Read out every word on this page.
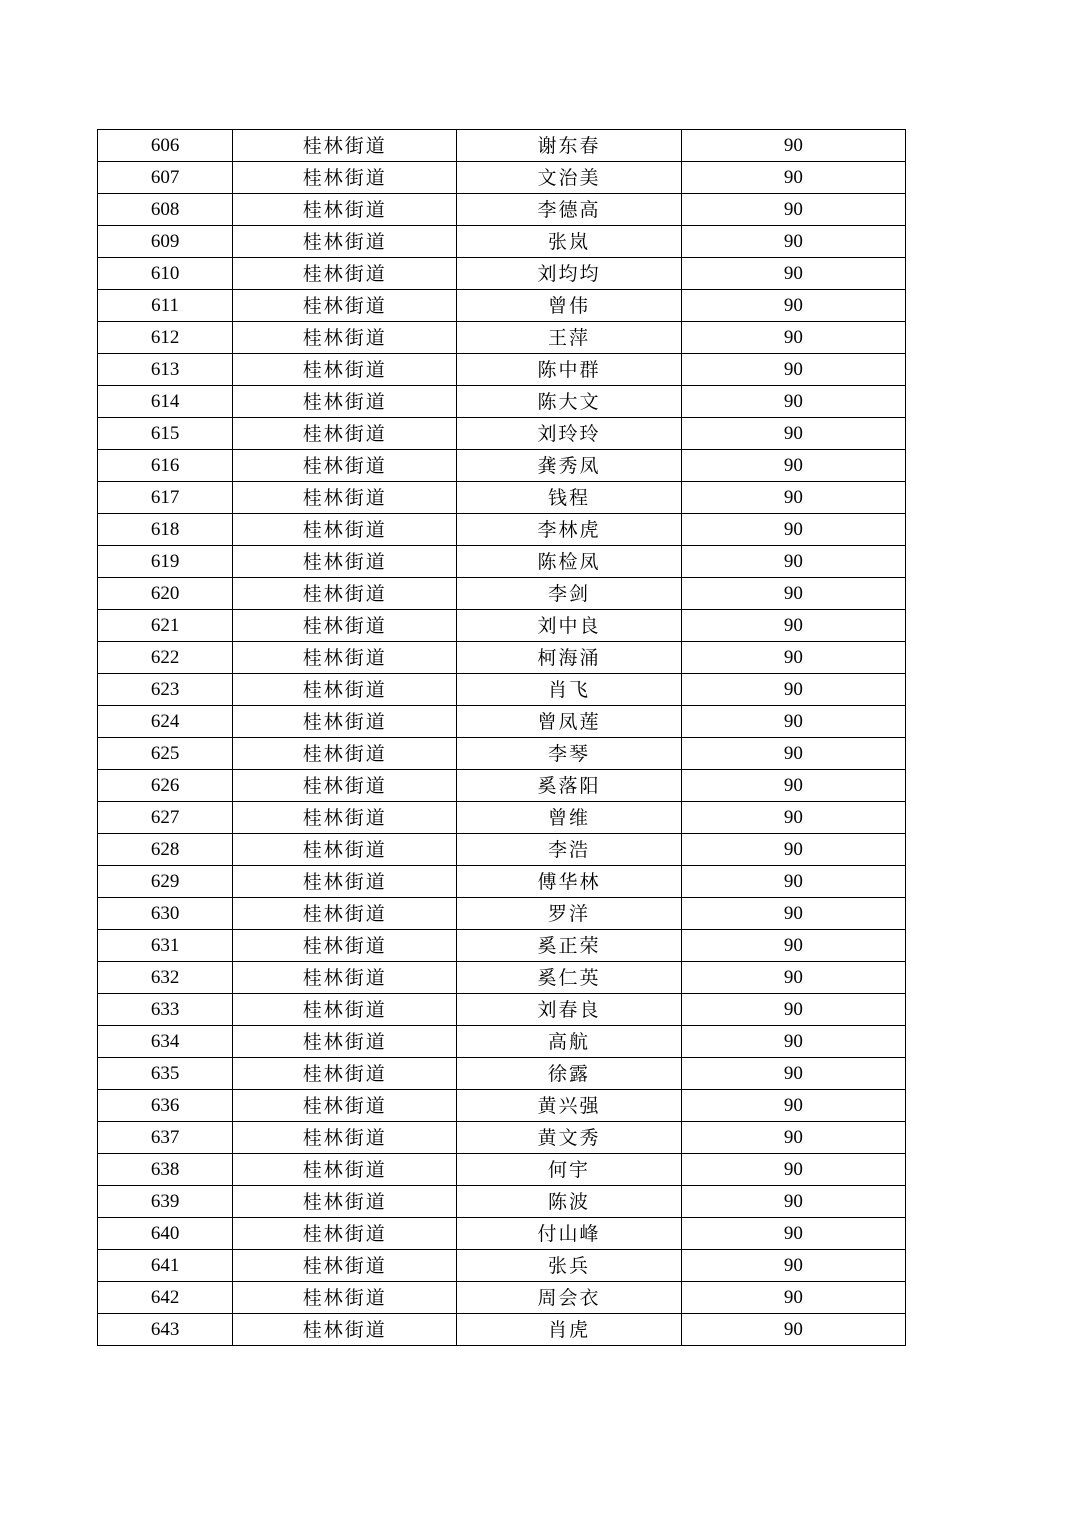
606	桂林街道	谢东春	90
607	桂林街道	文治美	90
608	桂林街道	李德高	90
609	桂林街道	张岚	90
610	桂林街道	刘均均	90
611	桂林街道	曾伟	90
612	桂林街道	王萍	90
613	桂林街道	陈中群	90
614	桂林街道	陈大文	90
615	桂林街道	刘玲玲	90
616	桂林街道	龚秀凤	90
617	桂林街道	钱程	90
618	桂林街道	李林虎	90
619	桂林街道	陈检凤	90
620	桂林街道	李剑	90
621	桂林街道	刘中良	90
622	桂林街道	柯海涌	90
623	桂林街道	肖飞	90
624	桂林街道	曾凤莲	90
625	桂林街道	李琴	90
626	桂林街道	奚落阳	90
627	桂林街道	曾维	90
628	桂林街道	李浩	90
629	桂林街道	傅华林	90
630	桂林街道	罗洋	90
631	桂林街道	奚正荣	90
632	桂林街道	奚仁英	90
633	桂林街道	刘春良	90
634	桂林街道	高航	90
635	桂林街道	徐露	90
636	桂林街道	黄兴强	90
637	桂林街道	黄文秀	90
638	桂林街道	何宇	90
639	桂林街道	陈波	90
640	桂林街道	付山峰	90
641	桂林街道	张兵	90
642	桂林街道	周会衣	90
643	桂林街道	肖虎	90
